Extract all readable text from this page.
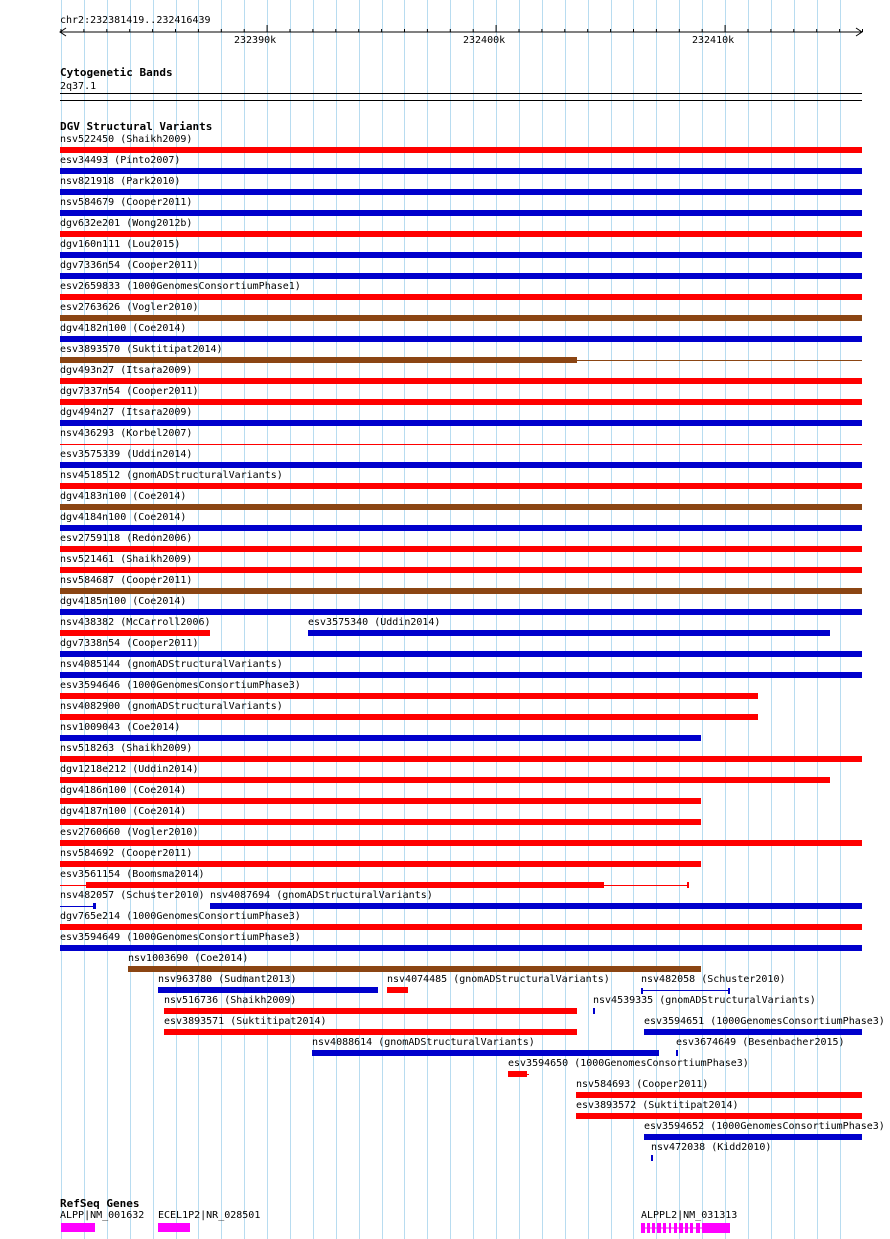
chr2:232381419..232416439
232390k	232400k	232410k
Cytogenetic Bands
2q37.1
DGV Structural Variants
nsv522450 (Shaikh2009)
esv34493 (Pinto2007)
nsv821918 (Park2010)
nsv584679 (Cooper2011)
dgv632e201 (Wong2012b)
dgv160n111 (Lou2015)
dgv7336n54 (Cooper2011)
esv2659833 (1000GenomesConsortiumPhase1)
esv2763626 (Vogler2010)
dgv4182n100 (Coe2014)
esv3893570 (Suktitipat2014)
dgv493n27 (Itsara2009)
dgv7337n54 (Cooper2011)
dgv494n27 (Itsara2009)
nsv436293 (Korbel2007)
esv3575339 (Uddin2014)
nsv4518512 (gnomADStructuralVariants)
dgv4183n100 (Coe2014)
dgv4184n100 (Coe2014)
esv2759118 (Redon2006)
nsv521461 (Shaikh2009)
nsv584687 (Cooper2011)
dgv4185n100 (Coe2014)
nsv438382 (McCarroll2006)	esv3575340 (Uddin2014)
dgv7338n54 (Cooper2011)
nsv4085144 (gnomADStructuralVariants)
esv3594646 (1000GenomesConsortiumPhase3)
nsv4082900 (gnomADStructuralVariants)
nsv1009043 (Coe2014)
nsv518263 (Shaikh2009)
dgv1218e212 (Uddin2014)
dgv4186n100 (Coe2014)
dgv4187n100 (Coe2014)
esv2760660 (Vogler2010)
nsv584692 (Cooper2011)
esv3561154 (Boomsma2014)
nsv482057 (Schuster2010) nsv4087694 (gnomADStructuralVariants)
dgv765e214 (1000GenomesConsortiumPhase3)
esv3594649 (1000GenomesConsortiumPhase3)
nsv1003690 (Coe2014)
nsv963780 (Sudmant2013)	nsv4074485 (gnomADStructuralVariants)	nsv482058 (Schuster2010)
nsv516736 (Shaikh2009)	nsv4539335 (gnomADStructuralVariants)
esv3893571 (Suktitipat2014)	esv3594651 (1000GenomesConsortiumPhase3)
nsv4088614 (gnomADStructuralVariants)	esv3674649 (Besenbacher2015)
esv3594650 (1000GenomesConsortiumPhase3)
nsv584693 (Cooper2011)
esv3893572 (Suktitipat2014)
esv3594652 (1000GenomesConsortiumPhase3)
nsv472038 (Kidd2010)
RefSeq Genes
ALPP|NM_001632 ECEL1P2|NR_028501	ALPPL2|NM_031313
